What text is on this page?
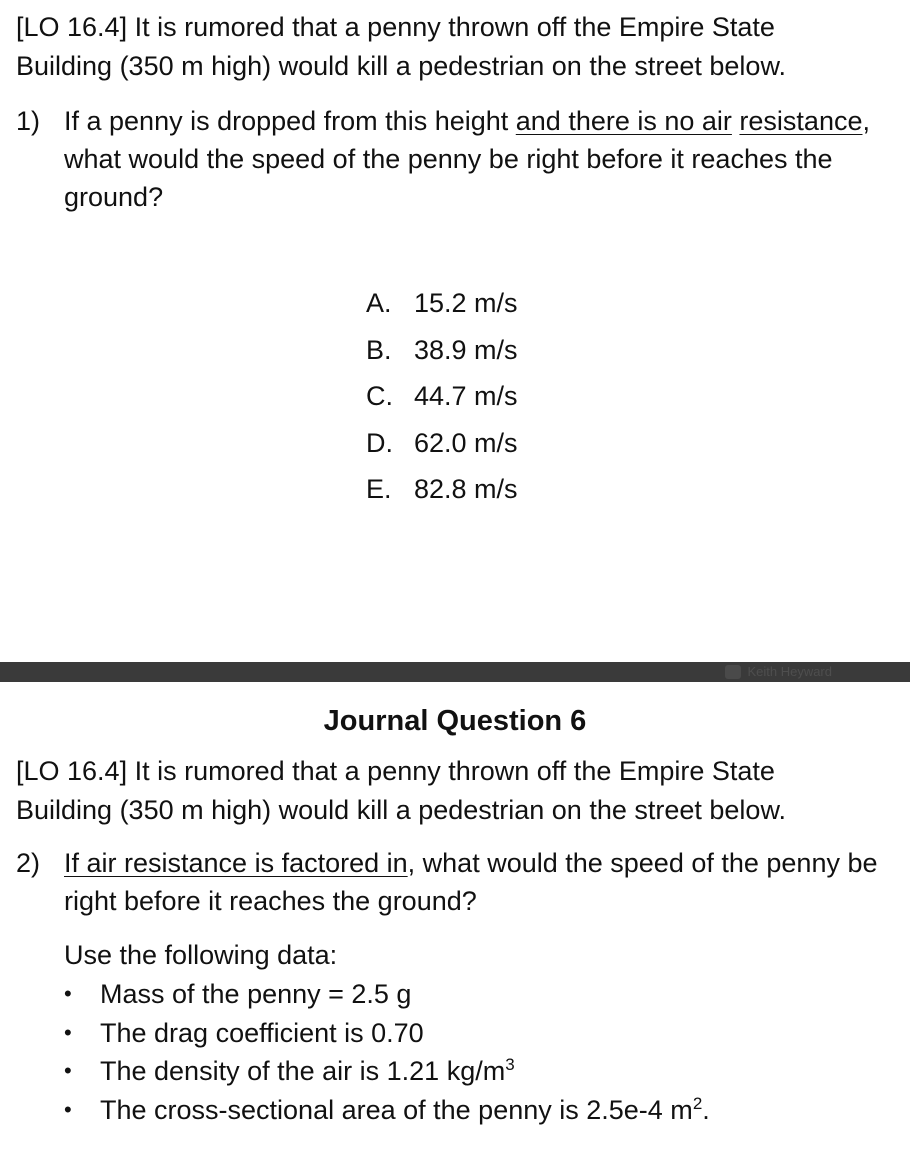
[LO 16.4] It is rumored that a penny thrown off the Empire State
Building (350 m high) would kill a pedestrian on the street below.

1) If a penny is dropped from this height and there is no air resistance, what would the speed of the penny be right before it reaches the ground?
A. 15.2 m/s
B. 38.9 m/s
C. 44.7 m/s
D. 62.0 m/s
E. 82.8 m/s
Keith Heyward
Journal Question 6

[LO 16.4] It is rumored that a penny thrown off the Empire State
Building (350 m high) would kill a pedestrian on the street below.

2) If air resistance is factored in, what would the speed of the penny be right before it reaches the ground?
Use the following data:
•	Mass of the penny = 2.5 g
•	The drag coefficient is 0.70
•	The density of the air is 1.21 $kg/m^3$
•	The cross-sectional area of the penny is 2.5e-4 $m^2$.
